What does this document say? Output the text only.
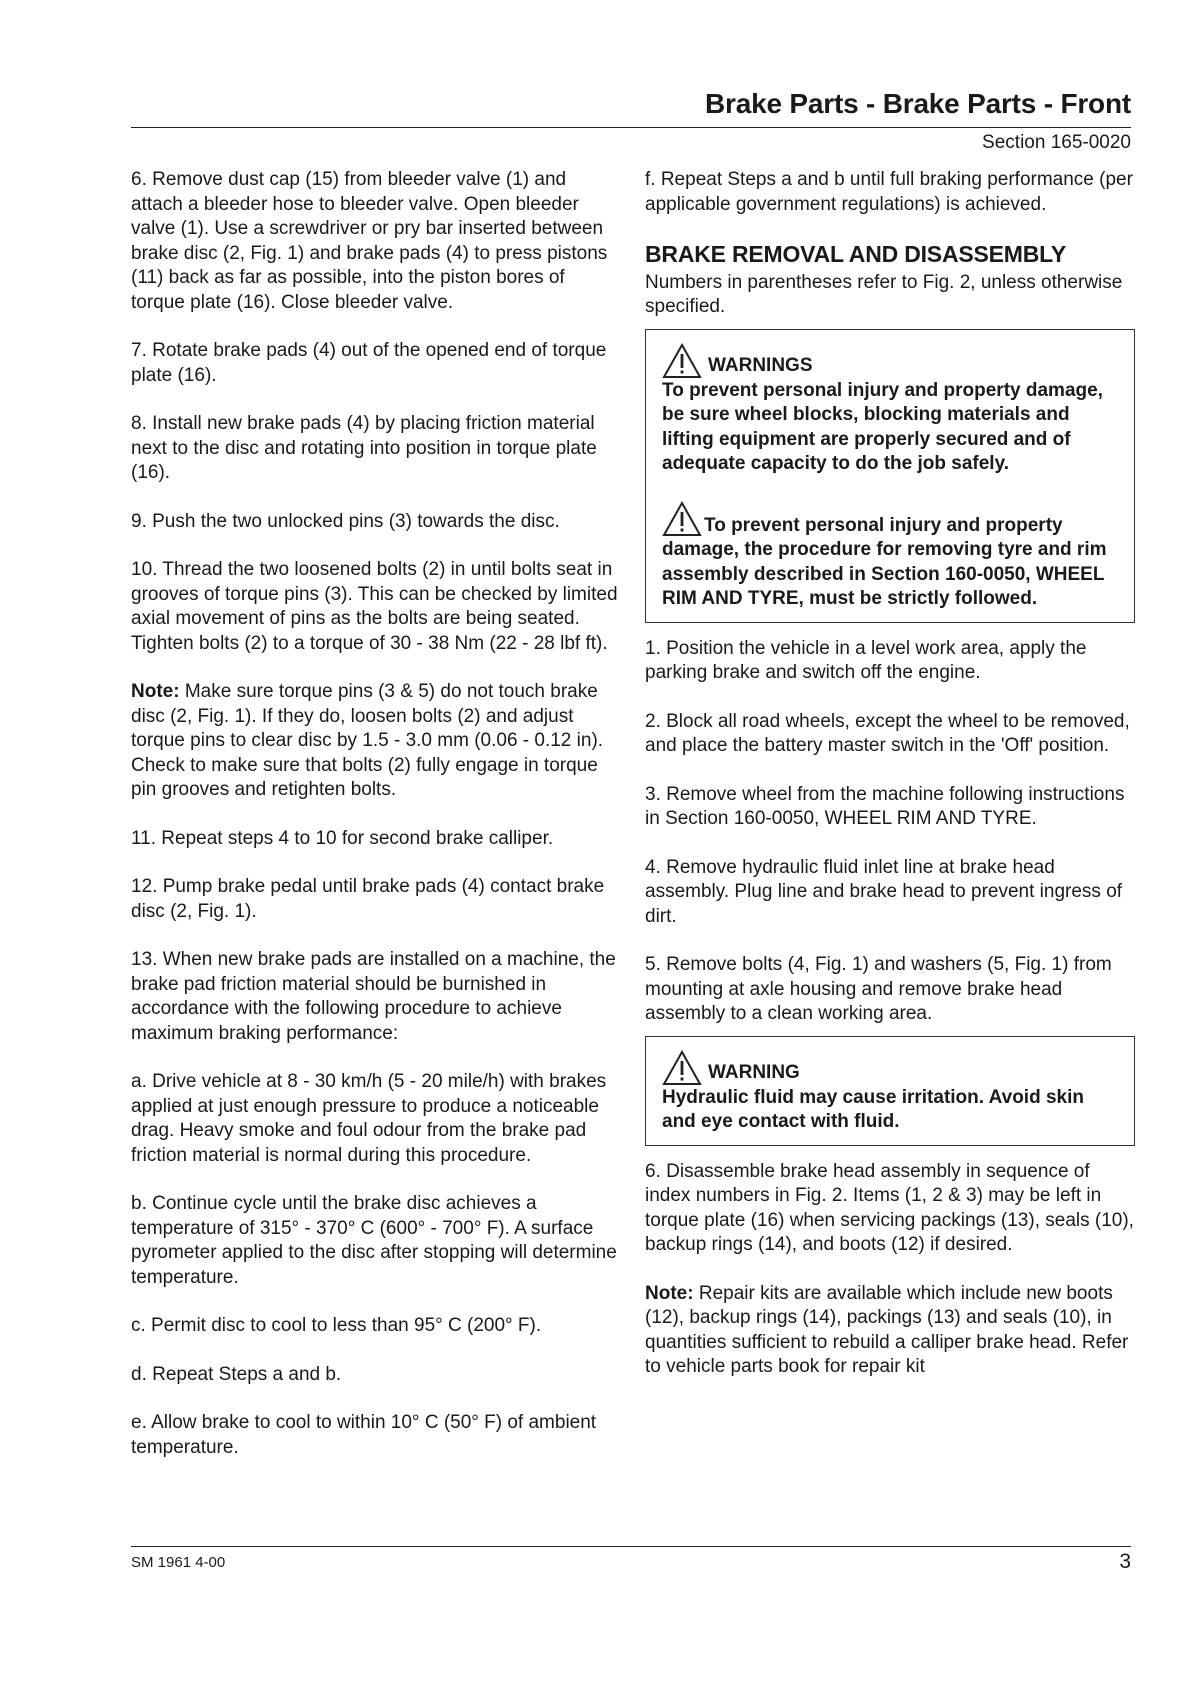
Brake Parts - Brake Parts - Front
Section 165-0020

6. Remove dust cap (15) from bleeder valve (1) and attach a bleeder hose to bleeder valve. Open bleeder valve (1). Use a screwdriver or pry bar inserted between brake disc (2, Fig. 1) and brake pads (4) to press pistons (11) back as far as possible, into the piston bores of torque plate (16). Close bleeder valve.

7. Rotate brake pads (4) out of the opened end of torque plate (16).

8. Install new brake pads (4) by placing friction material next to the disc and rotating into position in torque plate (16).

9. Push the two unlocked pins (3) towards the disc.

10. Thread the two loosened bolts (2) in until bolts seat in grooves of torque pins (3). This can be checked by limited axial movement of pins as the bolts are being seated. Tighten bolts (2) to a torque of 30 - 38 Nm (22 - 28 lbf ft).

Note: Make sure torque pins (3 & 5) do not touch brake disc (2, Fig. 1). If they do, loosen bolts (2) and adjust torque pins to clear disc by 1.5 - 3.0 mm (0.06 - 0.12 in). Check to make sure that bolts (2) fully engage in torque pin grooves and retighten bolts.

11. Repeat steps 4 to 10 for second brake calliper.

12. Pump brake pedal until brake pads (4) contact brake disc (2, Fig. 1).

13. When new brake pads are installed on a machine, the brake pad friction material should be burnished in accordance with the following procedure to achieve maximum braking performance:

a. Drive vehicle at 8 - 30 km/h (5 - 20 mile/h) with brakes applied at just enough pressure to produce a noticeable drag. Heavy smoke and foul odour from the brake pad friction material is normal during this procedure.

b. Continue cycle until the brake disc achieves a temperature of 315° - 370° C (600° - 700° F). A surface pyrometer applied to the disc after stopping will determine temperature.

c. Permit disc to cool to less than 95° C (200° F).

d. Repeat Steps a and b.

e. Allow brake to cool to within 10° C (50° F) of ambient temperature.

f. Repeat Steps a and b until full braking performance (per applicable government regulations) is achieved.

BRAKE REMOVAL AND DISASSEMBLY

Numbers in parentheses refer to Fig. 2, unless otherwise specified.

WARNINGS

To prevent personal injury and property damage, be sure wheel blocks, blocking materials and lifting equipment are properly secured and of adequate capacity to do the job safely.

To prevent personal injury and property damage, the procedure for removing tyre and rim assembly described in Section 160-0050, WHEEL RIM AND TYRE, must be strictly followed.

1. Position the vehicle in a level work area, apply the parking brake and switch off the engine.

2. Block all road wheels, except the wheel to be removed, and place the battery master switch in the 'Off' position.

3. Remove wheel from the machine following instructions in Section 160-0050, WHEEL RIM AND TYRE.

4. Remove hydraulic fluid inlet line at brake head assembly. Plug line and brake head to prevent ingress of dirt.

5. Remove bolts (4, Fig. 1) and washers (5, Fig. 1) from mounting at axle housing and remove brake head assembly to a clean working area.

WARNING

Hydraulic fluid may cause irritation. Avoid skin and eye contact with fluid.

6. Disassemble brake head assembly in sequence of index numbers in Fig. 2. Items (1, 2 & 3) may be left in torque plate (16) when servicing packings (13), seals (10), backup rings (14), and boots (12) if desired.

Note: Repair kits are available which include new boots (12), backup rings (14), packings (13) and seals (10), in quantities sufficient to rebuild a calliper brake head. Refer to vehicle parts book for repair kit

SM 1961 4-00	3
